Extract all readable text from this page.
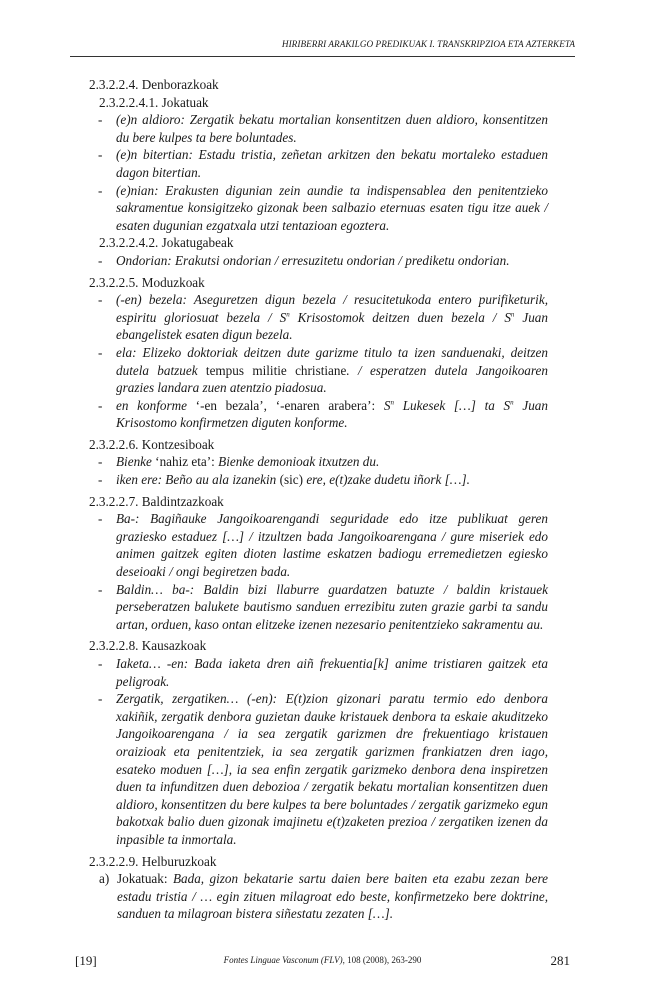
HIRIBERRI ARAKILGO PREDIKUAK I. TRANSKRIPZIOA ETA AZTERKETA
2.3.2.2.4. Denborazkoak
2.3.2.2.4.1. Jokatuak
- (e)n aldioro: Zergatik bekatu mortalian konsentitzen duen aldioro, konsentitzen du bere kulpes ta bere boluntades.
- (e)n bitertian: Estadu tristia, zeñetan arkitzen den bekatu mortaleko estaduen dagon bitertian.
- (e)nian: Erakusten digunian zein aundie ta indispensablea den penitentzieko sakramentue konsigitzeko gizonak been salbazio eternuas esaten tigu itze auek / esaten dugunian ezgatxala utzi tentazioan egoztera.
2.3.2.2.4.2. Jokatugabeak
- Ondorian: Erakutsi ondorian / erresuzitetu ondorian / prediketu ondorian.
2.3.2.2.5. Moduzkoak
- (-en) bezela: Aseguretzen digun bezela / resucitetukoda entero purifiketurik, espiritu gloriosuat bezela / $S^n$ Krisostomok deitzen duen bezela / $S^n$ Juan ebangelistek esaten digun bezela.
- ela: Elizeko doktoriak deitzen dute garizme titulo ta izen sanduenaki, deitzen dutela batzuek tempus militie christiane. / esperatzen dutela Jangoikoaren grazies landara zuen atentzio piadosua.
- en konforme ‘-en bezala’, ‘-enaren arabera’: $S^n$ Lukesek […] ta $S^n$ Juan Krisostomo konfirmetzen diguten konforme.
2.3.2.2.6. Kontzesiboak
- Bienke ‘nahiz eta’: Bienke demonioak itxutzen du.
- iken ere: Beño au ala izanekin (sic) ere, e(t)zake dudetu iñork […].
2.3.2.2.7. Baldintzazkoak
- Ba-: Bagiñauke Jangoikoarengandi seguridade edo itze publikuat geren graziesko estaduez […] / itzultzen bada Jangoikoarengana / gure miseriek edo animen gaitzek egiten dioten lastime eskatzen badiogu erremedietzen egiesko deseioaki / ongi begiretzen bada.
- Baldin… ba-: Baldin bizi llaburre guardatzen batuzte / baldin kristauek perseberatzen balukete bautismo sanduen errezibitu zuten grazie garbi ta sandu artan, orduen, kaso ontan elitzeke izenen nezesario penitentzieko sakramentu au.
2.3.2.2.8. Kausazkoak
- Iaketa… -en: Bada iaketa dren aiñ frekuentia[k] anime tristiaren gaitzek eta peligroak.
- Zergatik, zergatiken… (-en): E(t)zion gizonari paratu termio edo denbora xakiñik, zergatik denbora guzietan dauke kristauek denbora ta eskaie akuditzeko Jangoikoarengana / ia sea zergatik garizmen dre frekuentiago kristauen oraizioak eta penitentziek, ia sea zergatik garizmen frankiatzen dren iago, esateko moduen […], ia sea enfin zergatik garizmeko denbora dena inspiretzen duen ta infunditzen duen debozioa / zergatik bekatu mortalian konsentitzen duen aldioro, konsentitzen du bere kulpes ta bere boluntades / zergatik garizmeko egun bakotxak balio duen gizonak imajinetu e(t)zaketen prezioa / zergatiken izenen da inpasible ta inmortala.
2.3.2.2.9. Helburuzkoak
a) Jokatuak: Bada, gizon bekatarie sartu daien bere baiten eta ezabu zezan bere estadu tristia / … egin zituen milagroat edo beste, konfirmetzeko bere doktrine, sanduen ta milagroan bistera siñestatu zezaten […].
[19]	Fontes Linguae Vasconum (FLV), 108 (2008), 263-290	281
